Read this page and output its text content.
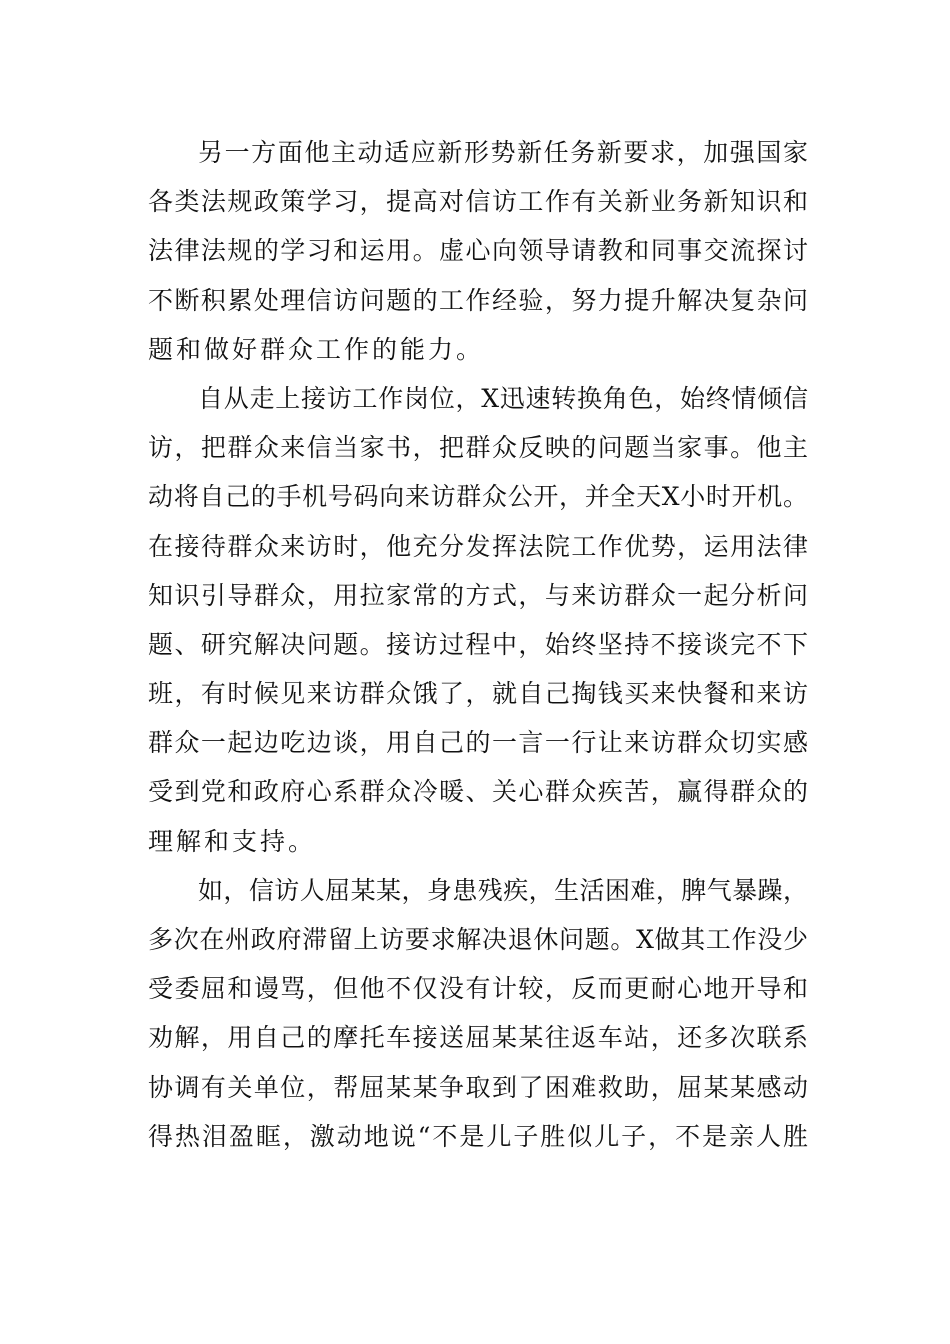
另一方面他主动适应新形势新任务新要求，加强国家
各类法规政策学习，提高对信访工作有关新业务新知识和
法律法规的学习和运用。虚心向领导请教和同事交流探讨
不断积累处理信访问题的工作经验，努力提升解决复杂问
题和做好群众工作的能力。
自从走上接访工作岗位，X迅速转换角色，始终情倾信
访，把群众来信当家书，把群众反映的问题当家事。他主
动将自己的手机号码向来访群众公开，并全天X小时开机。
在接待群众来访时，他充分发挥法院工作优势，运用法律
知识引导群众，用拉家常的方式，与来访群众一起分析问
题、研究解决问题。接访过程中，始终坚持不接谈完不下
班，有时候见来访群众饿了，就自己掏钱买来快餐和来访
群众一起边吃边谈，用自己的一言一行让来访群众切实感
受到党和政府心系群众冷暖、关心群众疾苦，赢得群众的
理解和支持。
如，信访人屈某某，身患残疾，生活困难，脾气暴躁，
多次在州政府滞留上访要求解决退休问题。X做其工作没少
受委屈和谩骂，但他不仅没有计较，反而更耐心地开导和
劝解，用自己的摩托车接送屈某某往返车站，还多次联系
协调有关单位，帮屈某某争取到了困难救助，屈某某感动
得热泪盈眶，激动地说“不是儿子胜似儿子，不是亲人胜
